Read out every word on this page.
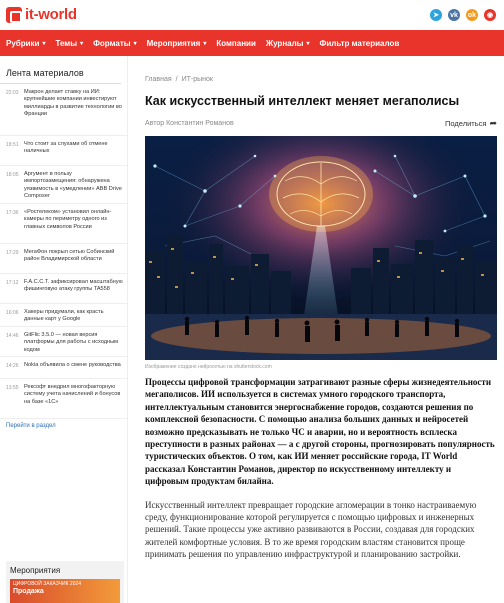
it-world	➤	vk	ok	◉
Рубрики ▾ Темы ▾ Форматы ▾ Мероприятия ▾ Компании Журналы ▾ Фильтр материалов
Лента материалов
22:03 Макрон делает ставку на ИИ: крупнейшие компании инвестируют миллиарды в развитие технологии во Франции
18:51 Что стоит за слухами об отмене наличных
18:05 Аргумент в пользу импортозамещения: обнаружена уязвимость в «умедлении» ABB Drive Composer
17:36 «Ростелеком» установил онлайн-камеры по периметру одного из главных символов России
17:29 МегаФон покрыл сетью Собинский район Владимирской области
17:12 F.A.C.C.T. зафиксировал масштабную фишинговую атаку группы TA558
16:06 Хакеры придумали, как красть данные карт у Google
14:46 GitFlic 3.5.0 — новая версия платформы для работы с исходным кодом
14:26 Nokia объявила о смене руководства
13:55 Рексофт внедрил многофакторную систему учета начислений и бонусов на базе «1С»
Перейти в раздел
Мероприятия
ЦИФРОВОЙ ЗАКАЗЧИК 2024
Продажа
Главная / ИТ-рынок
Как искусственный интеллект меняет мегаполисы
Автор Константин Романов	Поделиться ➦
Изображение создано нейросетью на shutterstock.com

Процессы цифровой трансформации затрагивают разные сферы жизнедеятельности мегаполисов. ИИ используется в системах умного городского транспорта, интеллектуальным становится энергоснабжение городов, создаются решения по комплексной безопасности. С помощью анализа больших данных и нейросетей возможно предсказывать не только ЧС и аварии, но и вероятность всплеска преступности в разных районах — а с другой стороны, прогнозировать популярность туристических объектов. О том, как ИИ меняет российские города, IT World рассказал Константин Романов, директор по искусственному интеллекту и цифровым продуктам билайна.

Искусственный интеллект превращает городские агломерации в тонко настраиваемую среду, функционирование которой регулируется с помощью цифровых и инженерных решений. Такие процессы уже активно развиваются в России, создавая для городских жителей комфортные условия. В то же время городским властям становится проще принимать решения по управлению инфраструктурой и планированию застройки.
